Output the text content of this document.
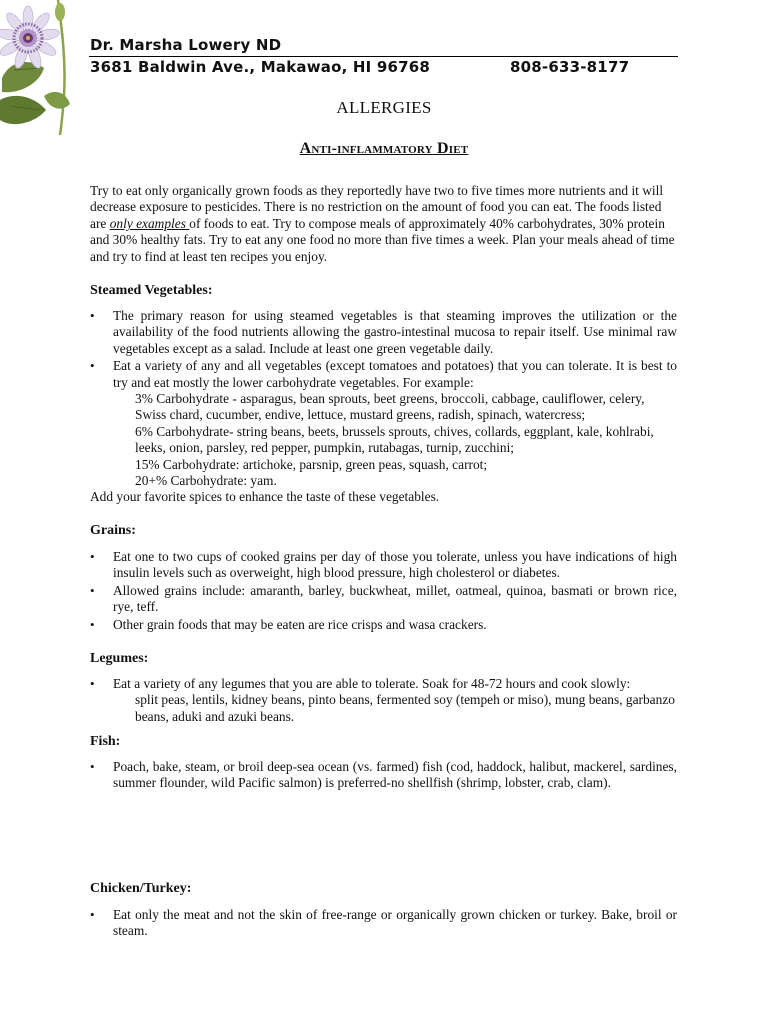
Dr. Marsha Lowery ND
3681 Baldwin Ave., Makawao, HI 96768	808-633-8177
ALLERGIES
Anti-inflammatory Diet
Try to eat only organically grown foods as they reportedly have two to five times more nutrients and it will decrease exposure to pesticides. There is no restriction on the amount of food you can eat. The foods listed are only examples of foods to eat. Try to compose meals of approximately 40% carbohydrates, 30% protein and 30% healthy fats. Try to eat any one food no more than five times a week. Plan your meals ahead of time and try to find at least ten recipes you enjoy.
Steamed Vegetables:
• The primary reason for using steamed vegetables is that steaming improves the utilization or the availability of the food nutrients allowing the gastro-intestinal mucosa to repair itself. Use minimal raw vegetables except as a salad. Include at least one green vegetable daily.
• Eat a variety of any and all vegetables (except tomatoes and potatoes) that you can tolerate. It is best to try and eat mostly the lower carbohydrate vegetables. For example:
3% Carbohydrate - asparagus, bean sprouts, beet greens, broccoli, cabbage, cauliflower, celery, Swiss chard, cucumber, endive, lettuce, mustard greens, radish, spinach, watercress;
6% Carbohydrate- string beans, beets, brussels sprouts, chives, collards, eggplant, kale, kohlrabi, leeks, onion, parsley, red pepper, pumpkin, rutabagas, turnip, zucchini;
15% Carbohydrate: artichoke, parsnip, green peas, squash, carrot;
20+% Carbohydrate: yam.
Add your favorite spices to enhance the taste of these vegetables.
Grains:
• Eat one to two cups of cooked grains per day of those you tolerate, unless you have indications of high insulin levels such as overweight, high blood pressure, high cholesterol or diabetes.
• Allowed grains include: amaranth, barley, buckwheat, millet, oatmeal, quinoa, basmati or brown rice, rye, teff.
• Other grain foods that may be eaten are rice crisps and wasa crackers.
Legumes:
• Eat a variety of any legumes that you are able to tolerate. Soak for 48-72 hours and cook slowly:
split peas, lentils, kidney beans, pinto beans, fermented soy (tempeh or miso), mung beans, garbanzo beans, aduki and azuki beans.
Fish:
• Poach, bake, steam, or broil deep-sea ocean (vs. farmed) fish (cod, haddock, halibut, mackerel, sardines, summer flounder, wild Pacific salmon) is preferred-no shellfish (shrimp, lobster, crab, clam).
Chicken/Turkey:
• Eat only the meat and not the skin of free-range or organically grown chicken or turkey. Bake, broil or steam.
